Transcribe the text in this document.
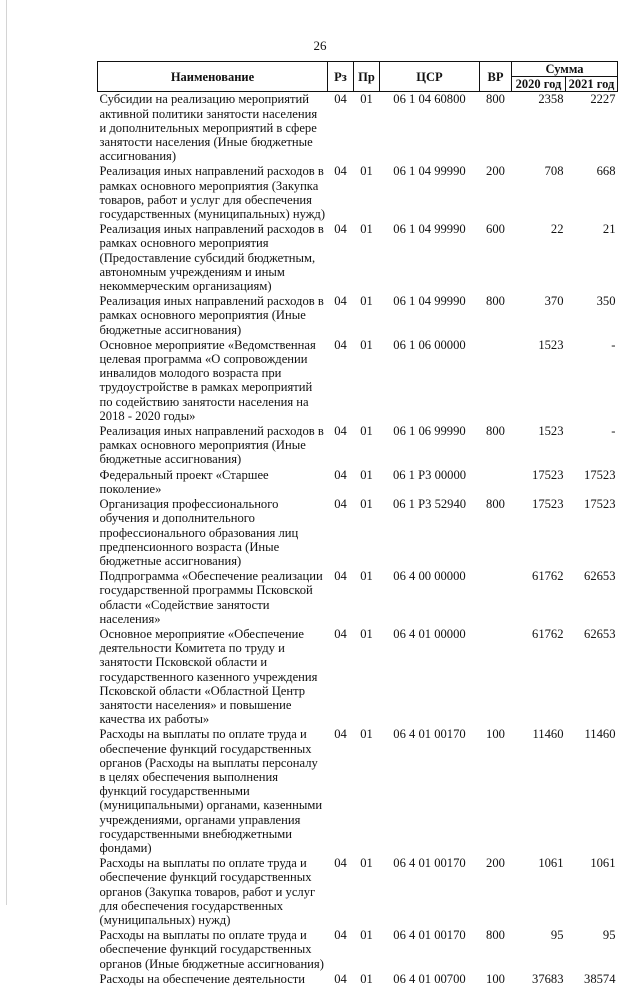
26
Наименование	Рз	Пр	ЦСР	ВР	Сумма	
					2020 год	2021 год
Субсидии на реализацию мероприятий активной политики занятости населения и дополнительных мероприятий в сфере занятости населения (Иные бюджетные ассигнования)	04	01	06 1 04 60800	800	2358	2227
Реализация иных направлений расходов в рамках основного мероприятия (Закупка товаров, работ и услуг для обеспечения государственных (муниципальных) нужд)	04	01	06 1 04 99990	200	708	668
Реализация иных направлений расходов в рамках основного мероприятия (Предоставление субсидий бюджетным, автономным учреждениям и иным некоммерческим организациям)	04	01	06 1 04 99990	600	22	21
Реализация иных направлений расходов в рамках основного мероприятия (Иные бюджетные ассигнования)	04	01	06 1 04 99990	800	370	350
Основное мероприятие «Ведомственная целевая программа «О сопровождении инвалидов молодого возраста при трудоустройстве в рамках мероприятий по содействию занятости населения на 2018 - 2020 годы»	04	01	06 1 06 00000		1523	-
Реализация иных направлений расходов в рамках основного мероприятия (Иные бюджетные ассигнования)	04	01	06 1 06 99990	800	1523	-
Федеральный проект «Старшее поколение»	04	01	06 1 P3 00000		17523	17523
Организация профессионального обучения и дополнительного профессионального образования лиц предпенсионного возраста (Иные бюджетные ассигнования)	04	01	06 1 P3 52940	800	17523	17523
Подпрограмма «Обеспечение реализации государственной программы Псковской области «Содействие занятости населения»	04	01	06 4 00 00000		61762	62653
Основное мероприятие «Обеспечение деятельности Комитета по труду и занятости Псковской области и государственного казенного учреждения Псковской области «Областной Центр занятости населения» и повышение качества их работы»	04	01	06 4 01 00000		61762	62653
Расходы на выплаты по оплате труда и обеспечение функций государственных органов (Расходы на выплаты персоналу в целях обеспечения выполнения функций государственными (муниципальными) органами, казенными учреждениями, органами управления государственными внебюджетными фондами)	04	01	06 4 01 00170	100	11460	11460
Расходы на выплаты по оплате труда и обеспечение функций государственных органов (Закупка товаров, работ и услуг для обеспечения государственных (муниципальных) нужд)	04	01	06 4 01 00170	200	1061	1061
Расходы на выплаты по оплате труда и обеспечение функций государственных органов (Иные бюджетные ассигнования)	04	01	06 4 01 00170	800	95	95
Расходы на обеспечение деятельности	04	01	06 4 01 00700	100	37683	38574
